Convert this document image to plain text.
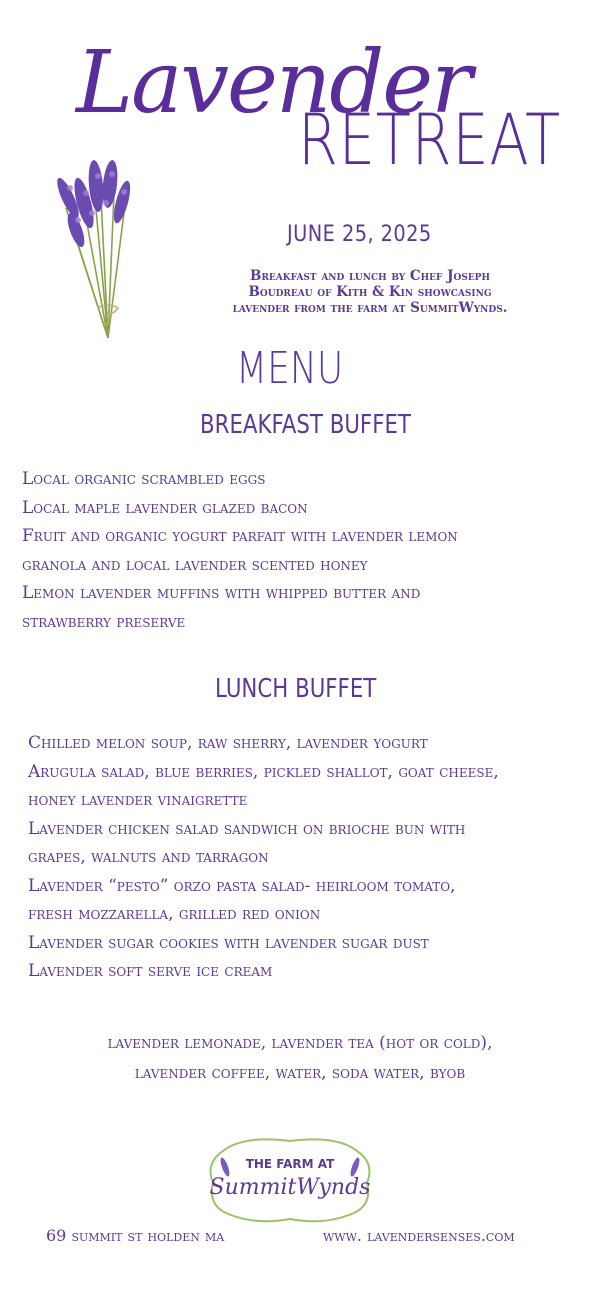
Lavender
RETREAT
JUNE 25, 2025
Breakfast and lunch by Chef Joseph
Boudreau of Kith & Kin showcasing
lavender from the farm at SummitWynds.
MENU
BREAKFAST BUFFET
Local organic scrambled eggs
Local maple lavender glazed bacon
Fruit and organic yogurt parfait with lavender lemon
granola and local lavender scented honey
Lemon lavender muffins with whipped butter and
strawberry preserve
LUNCH BUFFET
Chilled melon soup, raw sherry, lavender yogurt
Arugula salad, blue berries, pickled shallot, goat cheese,
honey lavender vinaigrette
Lavender chicken salad sandwich on brioche bun with
grapes, walnuts and tarragon
Lavender “pesto” orzo pasta salad- heirloom tomato,
fresh mozzarella, grilled red onion
Lavender sugar cookies with lavender sugar dust
Lavender soft serve ice cream
lavender lemonade, lavender tea (hot or cold),
lavender coffee, water, soda water, byob
THE FARM AT
SummitWynds
69 summit st holden ma	www. lavendersenses.com
